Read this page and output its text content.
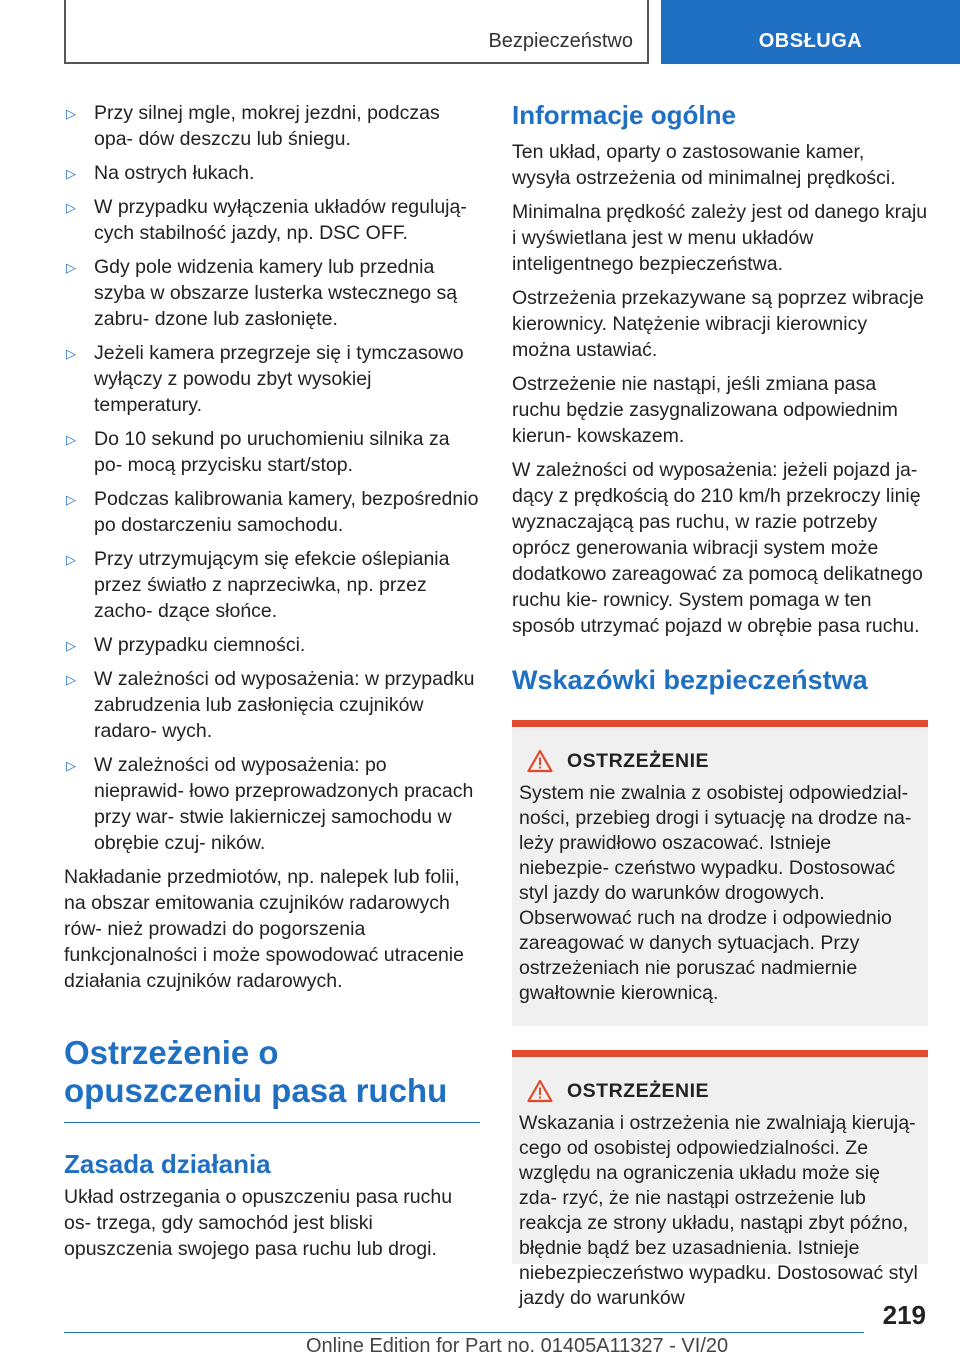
Bezpieczeństwo	OBSŁUGA
▷ Przy silnej mgle, mokrej jezdni, podczas opa- dów deszczu lub śniegu.
▷ Na ostrych łukach.
▷ W przypadku wyłączenia układów regulują- cych stabilność jazdy, np. DSC OFF.
▷ Gdy pole widzenia kamery lub przednia szyba w obszarze lusterka wstecznego są zabru- dzone lub zasłonięte.
▷ Jeżeli kamera przegrzeje się i tymczasowo wyłączy z powodu zbyt wysokiej temperatury.
▷ Do 10 sekund po uruchomieniu silnika za po- mocą przycisku start/stop.
▷ Podczas kalibrowania kamery, bezpośrednio po dostarczeniu samochodu.
▷ Przy utrzymującym się efekcie oślepiania przez światło z naprzeciwka, np. przez zacho- dzące słońce.
▷ W przypadku ciemności.
▷ W zależności od wyposażenia: w przypadku zabrudzenia lub zasłonięcia czujników radaro- wych.
▷ W zależności od wyposażenia: po nieprawid- łowo przeprowadzonych pracach przy war- stwie lakierniczej samochodu w obrębie czuj- ników.

Nakładanie przedmiotów, np. nalepek lub folii, na obszar emitowania czujników radarowych rów- nież prowadzi do pogorszenia funkcjonalności i może spowodować utracenie działania czujników radarowych.

Ostrzeżenie o opuszczeniu pasa ruchu
Zasada działania

Układ ostrzegania o opuszczeniu pasa ruchu os- trzega, gdy samochód jest bliski opuszczenia swojego pasa ruchu lub drogi.

Informacje ogólne

Ten układ, oparty o zastosowanie kamer, wysyła ostrzeżenia od minimalnej prędkości.

Minimalna prędkość zależy jest od danego kraju i wyświetlana jest w menu układów inteligentnego bezpieczeństwa.

Ostrzeżenia przekazywane są poprzez wibracje kierownicy. Natężenie wibracji kierownicy można ustawiać.

Ostrzeżenie nie nastąpi, jeśli zmiana pasa ruchu będzie zasygnalizowana odpowiednim kierun- kowskazem.

W zależności od wyposażenia: jeżeli pojazd ja- dący z prędkością do 210 km/h przekroczy linię wyznaczającą pas ruchu, w razie potrzeby oprócz generowania wibracji system może dodatkowo zareagować za pomocą delikatnego ruchu kie- rownicy. System pomaga w ten sposób utrzymać pojazd w obrębie pasa ruchu.

Wskazówki bezpieczeństwa
OSTRZEŻENIE

System nie zwalnia z osobistej odpowiedzial- ności, przebieg drogi i sytuację na drodze na- leży prawidłowo oszacować. Istnieje niebezpie- czeństwo wypadku. Dostosować styl jazdy do warunków drogowych. Obserwować ruch na drodze i odpowiednio zareagować w danych sytuacjach. Przy ostrzeżeniach nie poruszać nadmiernie gwałtownie kierownicą.

OSTRZEŻENIE

Wskazania i ostrzeżenia nie zwalniają kierują- cego od osobistej odpowiedzialności. Ze względu na ograniczenia układu może się zda- rzyć, że nie nastąpi ostrzeżenie lub reakcja ze strony układu, nastąpi zbyt późno, błędnie bądź bez uzasadnienia. Istnieje niebezpieczeństwo wypadku. Dostosować styl jazdy do warunków

219
Online Edition for Part no. 01405A11327 - VI/20
